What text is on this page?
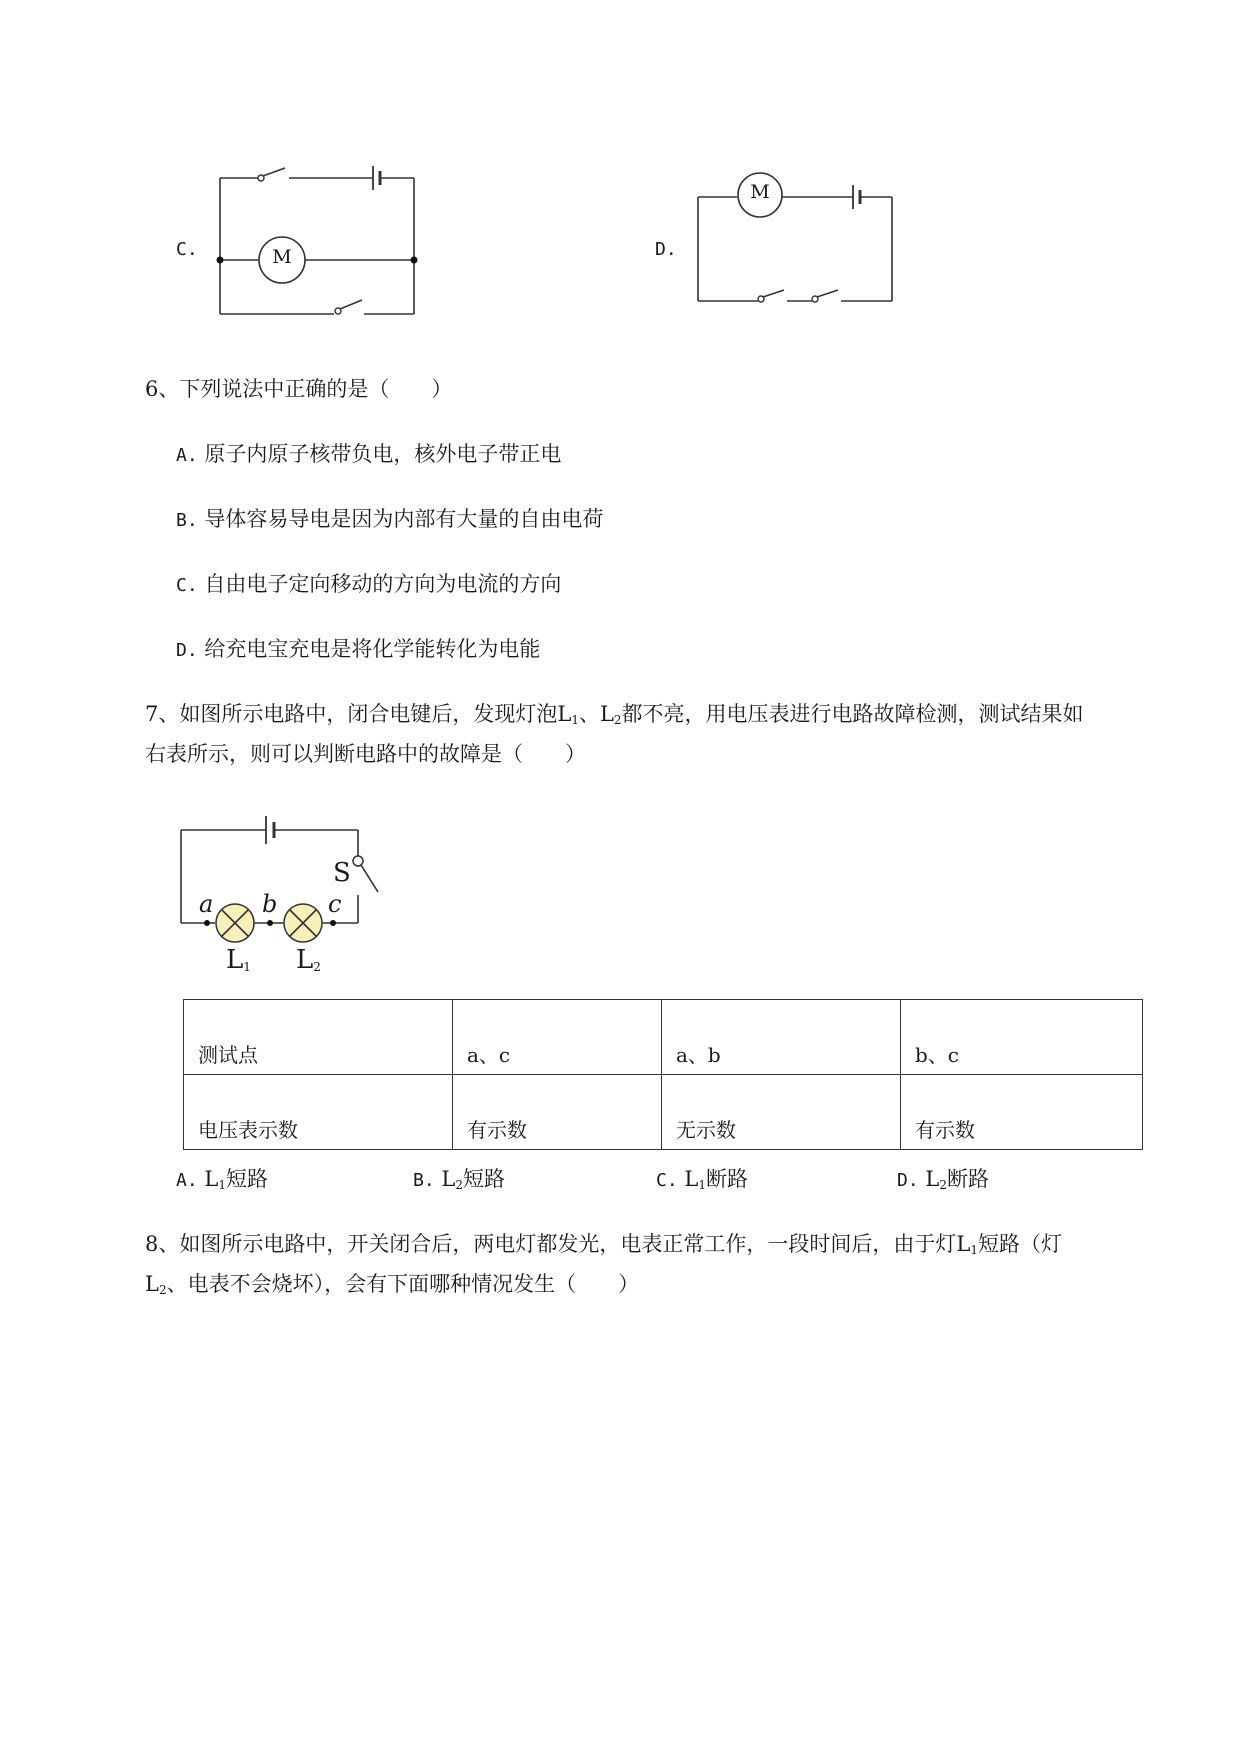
C.	M	D.
M
6、下列说法中正确的是（　　）
A. 原子内原子核带负电，核外电子带正电
B. 导体容易导电是因为内部有大量的自由电荷
C. 自由电子定向移动的方向为电流的方向
D. 给充电宝充电是将化学能转化为电能
7、如图所示电路中，闭合电键后，发现灯泡$L_1$、$L_2$都不亮，用电压表进行电路故障检测，测试结果如
右表所示，则可以判断电路中的故障是（　　）
S
a b c
$L_1$ $L_2$
测试点	a、c	a、b	b、c
电压表示数	有示数	无示数	有示数
A. $L_1$短路	B. $L_2$短路	C. $L_1$断路	D. $L_2$断路
8、如图所示电路中，开关闭合后，两电灯都发光，电表正常工作，一段时间后，由于灯$L_1$短路（灯
$L_2$、电表不会烧坏），会有下面哪种情况发生（　　）
